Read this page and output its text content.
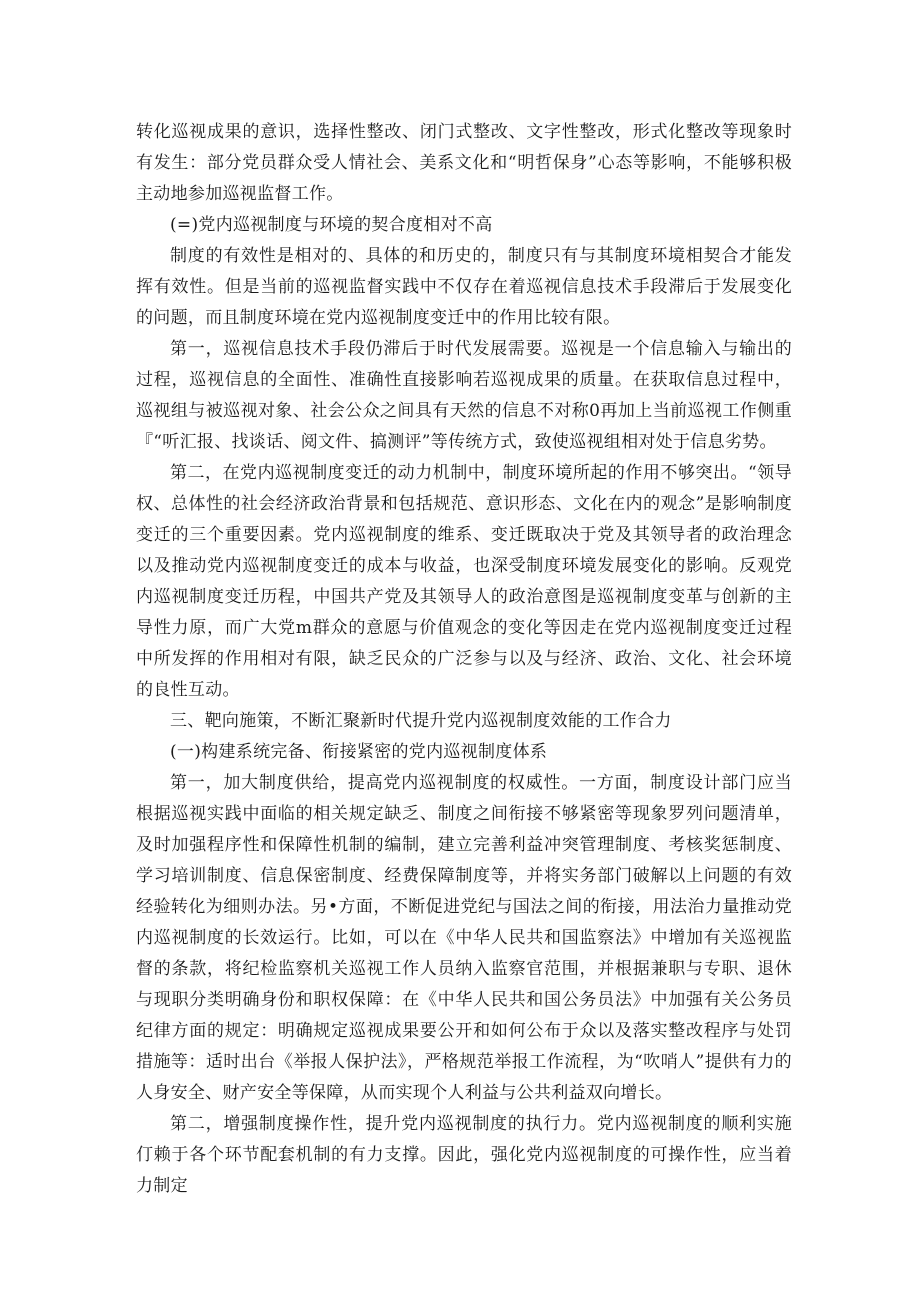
转化巡视成果的意识，选择性整改、闭门式整改、文字性整改，形式化整改等现象时有发生：部分党员群众受人情社会、美系文化和“明哲保身”心态等影响，不能够积极主动地参加巡视监督工作。

(=)党内巡视制度与环境的契合度相对不高

制度的有效性是相对的、具体的和历史的，制度只有与其制度环境相契合才能发挥有效性。但是当前的巡视监督实践中不仅存在着巡视信息技术手段滞后于发展变化的问题，而且制度环境在党内巡视制度变迁中的作用比较有限。

第一，巡视信息技术手段仍滞后于时代发展需要。巡视是一个信息输入与输出的过程，巡视信息的全面性、准确性直接影响若巡视成果的质量。在获取信息过程中，巡视组与被巡视对象、社会公众之间具有天然的信息不对称0再加上当前巡视工作侧重『“听汇报、找谈话、阅文件、搞测评”等传统方式，致使巡视组相对处于信息劣势。

第二，在党内巡视制度变迁的动力机制中，制度环境所起的作用不够突出。“领导权、总体性的社会经济政治背景和包括规范、意识形态、文化在内的观念”是影响制度变迁的三个重要因素。党内巡视制度的维系、变迁既取决于党及其领导者的政治理念以及推动党内巡视制度变迁的成本与收益，也深受制度环境发展变化的影响。反观党内巡视制度变迁历程，中国共产党及其领导人的政治意图是巡视制度变革与创新的主导性力原，而广大党m群众的意愿与价值观念的变化等因走在党内巡视制度变迁过程中所发挥的作用相对有限，缺乏民众的广泛参与以及与经济、政治、文化、社会环境的良性互动。

三、靶向施策，不断汇聚新时代提升党内巡视制度效能的工作合力

(一)构建系统完备、衔接紧密的党内巡视制度体系

第一，加大制度供给，提高党内巡视制度的权威性。一方面，制度设计部门应当根据巡视实践中面临的相关规定缺乏、制度之间衔接不够紧密等现象罗列问题清单，及时加强程序性和保障性机制的编制，建立完善利益冲突管理制度、考核奖惩制度、学习培训制度、信息保密制度、经费保障制度等，并将实务部门破解以上问题的有效经验转化为细则办法。另•方面，不断促进党纪与国法之间的衔接，用法治力量推动党内巡视制度的长效运行。比如，可以在《中华人民共和国监察法》中增加有关巡视监督的条款，将纪检监察机关巡视工作人员纳入监察官范围，并根据兼职与专职、退休与现职分类明确身份和职权保障：在《中华人民共和国公务员法》中加强有关公务员纪律方面的规定：明确规定巡视成果要公开和如何公布于众以及落实整改程序与处罚措施等：适时出台《举报人保护法》，严格规范举报工作流程，为“吹哨人”提供有力的人身安全、财产安全等保障，从而实现个人利益与公共利益双向增长。

第二，增强制度操作性，提升党内巡视制度的执行力。党内巡视制度的顺利实施仃赖于各个环节配套机制的有力支撑。因此，强化党内巡视制度的可操作性，应当着力制定
